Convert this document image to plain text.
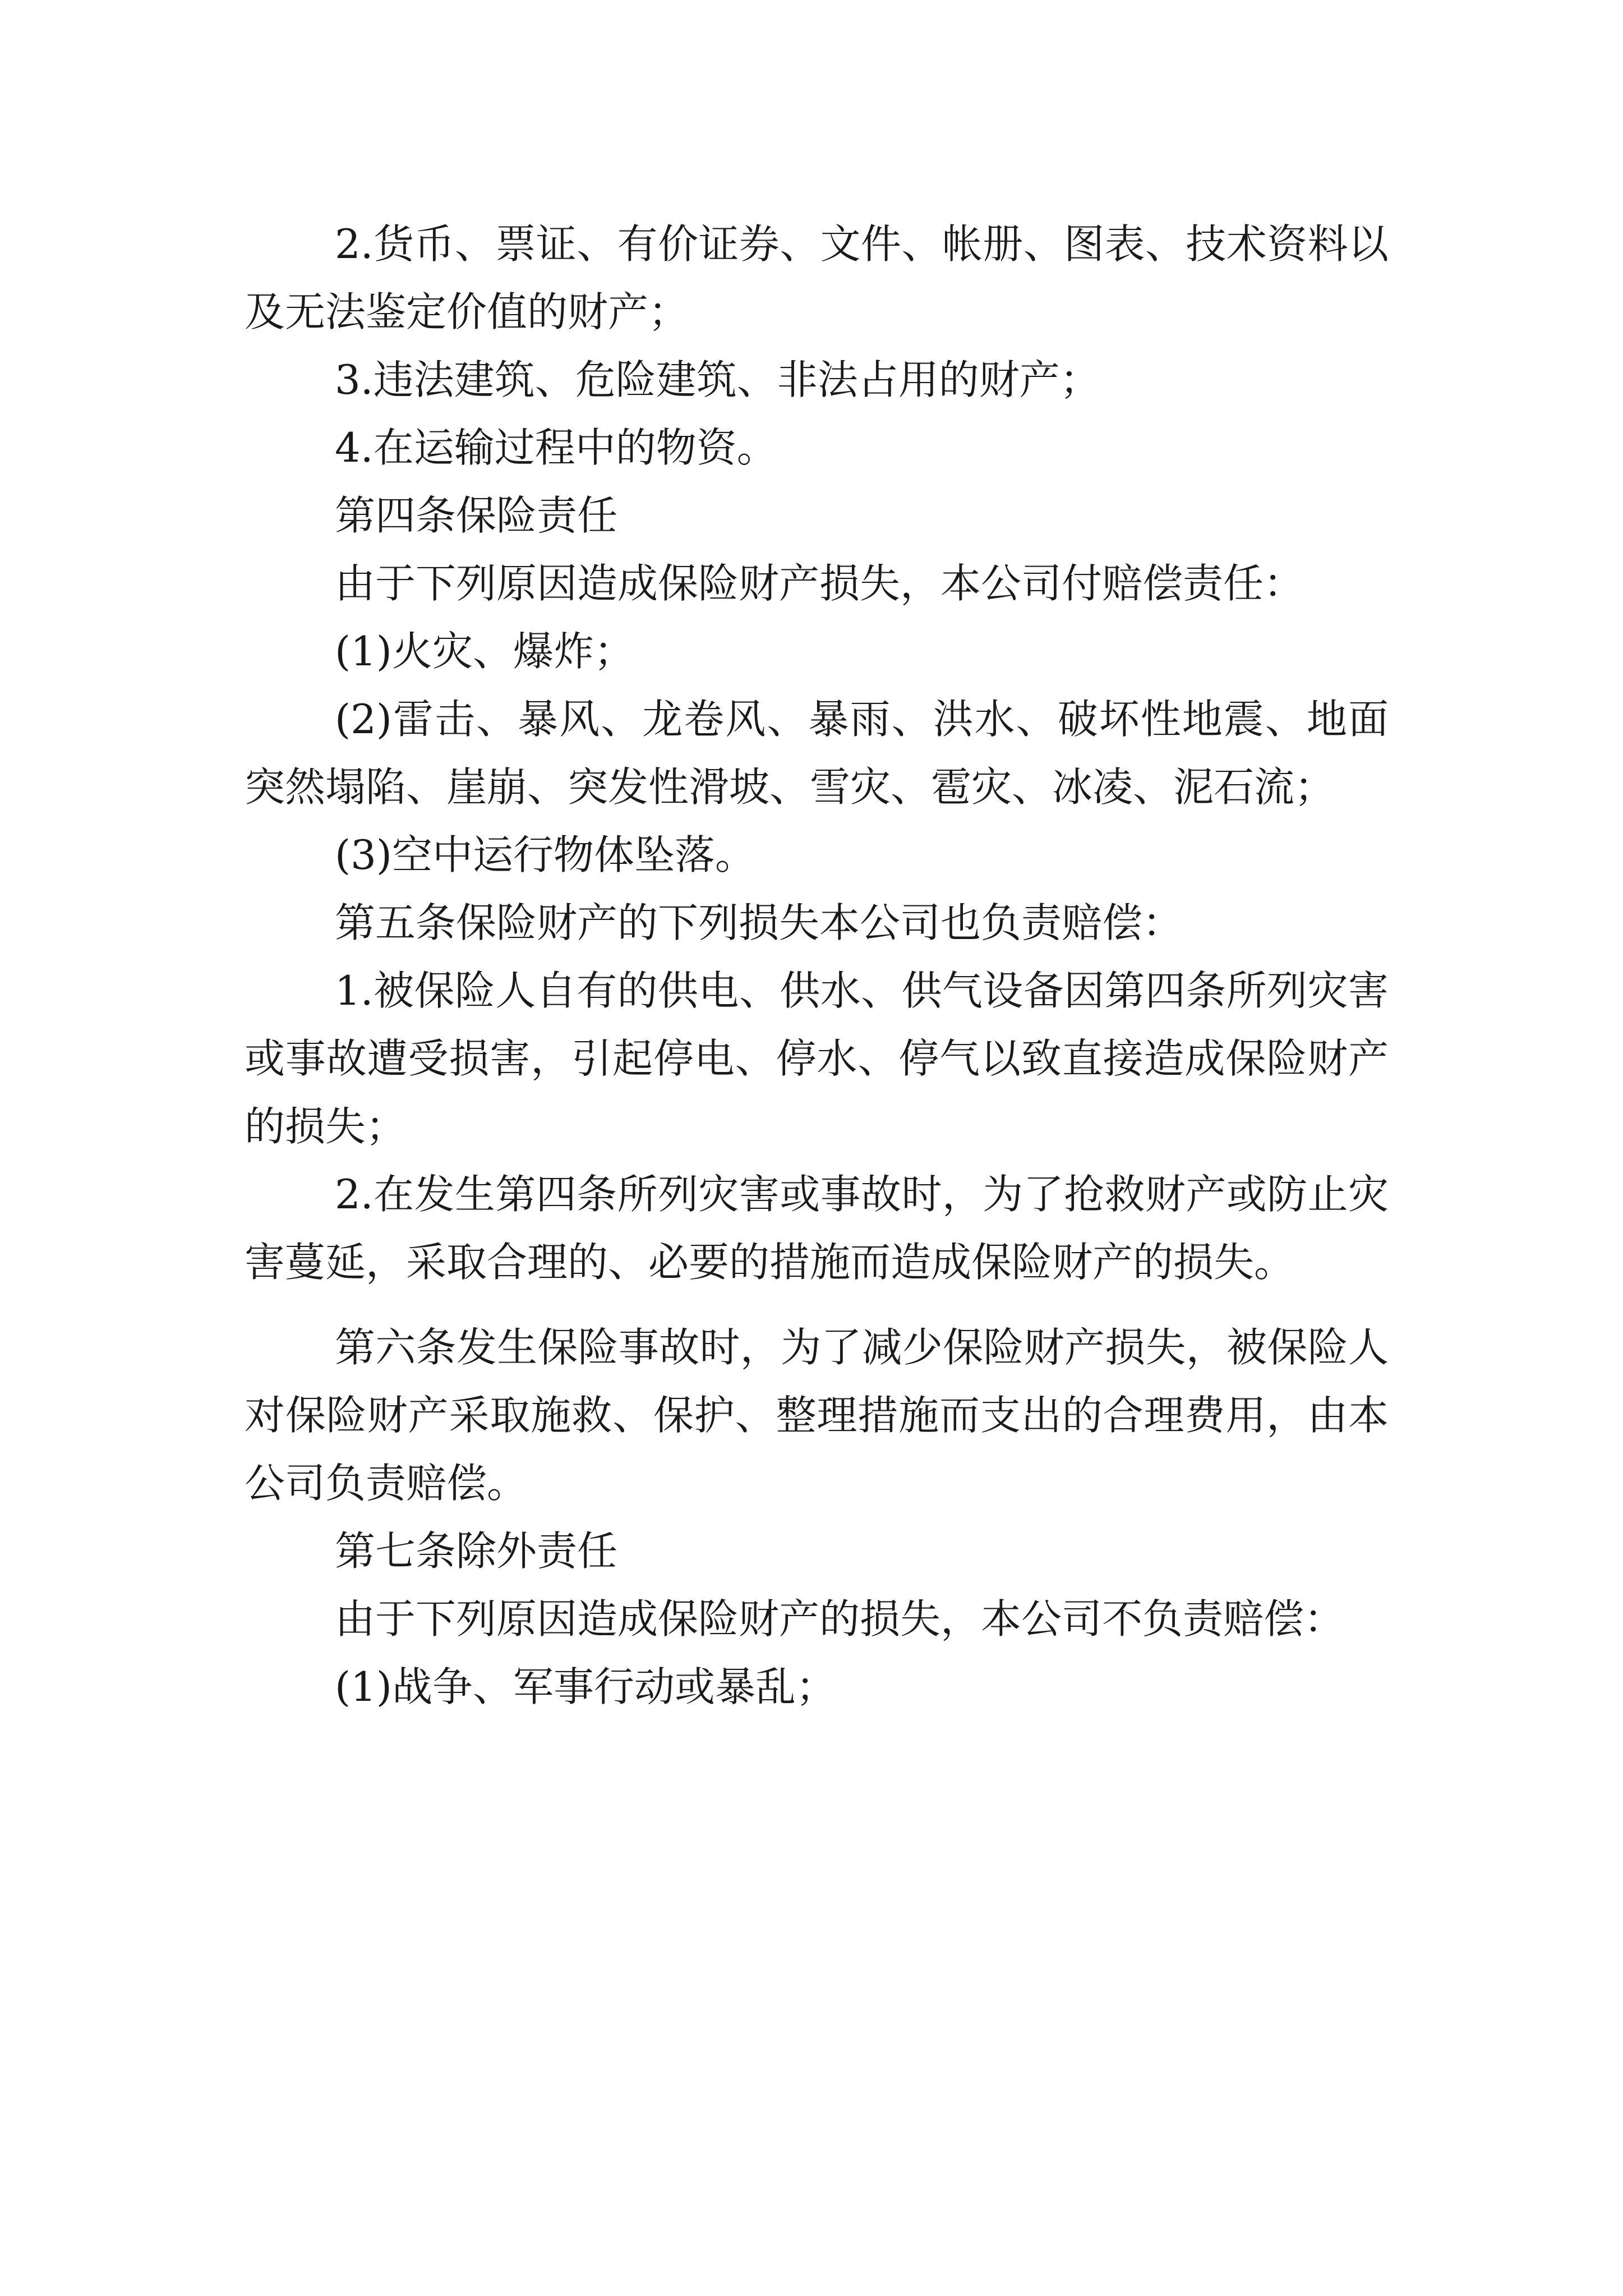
2.货币、票证、有价证券、文件、帐册、图表、技术资料以及无法鉴定价值的财产；

3.违法建筑、危险建筑、非法占用的财产；

4.在运输过程中的物资。

第四条保险责任

由于下列原因造成保险财产损失，本公司付赔偿责任：

(1)火灾、爆炸；

(2)雷击、暴风、龙卷风、暴雨、洪水、破坏性地震、地面突然塌陷、崖崩、突发性滑坡、雪灾、雹灾、冰凌、泥石流；

(3)空中运行物体坠落。

第五条保险财产的下列损失本公司也负责赔偿：

1.被保险人自有的供电、供水、供气设备因第四条所列灾害或事故遭受损害，引起停电、停水、停气以致直接造成保险财产的损失；

2.在发生第四条所列灾害或事故时，为了抢救财产或防止灾害蔓延，采取合理的、必要的措施而造成保险财产的损失。

第六条发生保险事故时，为了减少保险财产损失，被保险人对保险财产采取施救、保护、整理措施而支出的合理费用，由本公司负责赔偿。

第七条除外责任

由于下列原因造成保险财产的损失，本公司不负责赔偿：

(1)战争、军事行动或暴乱；
